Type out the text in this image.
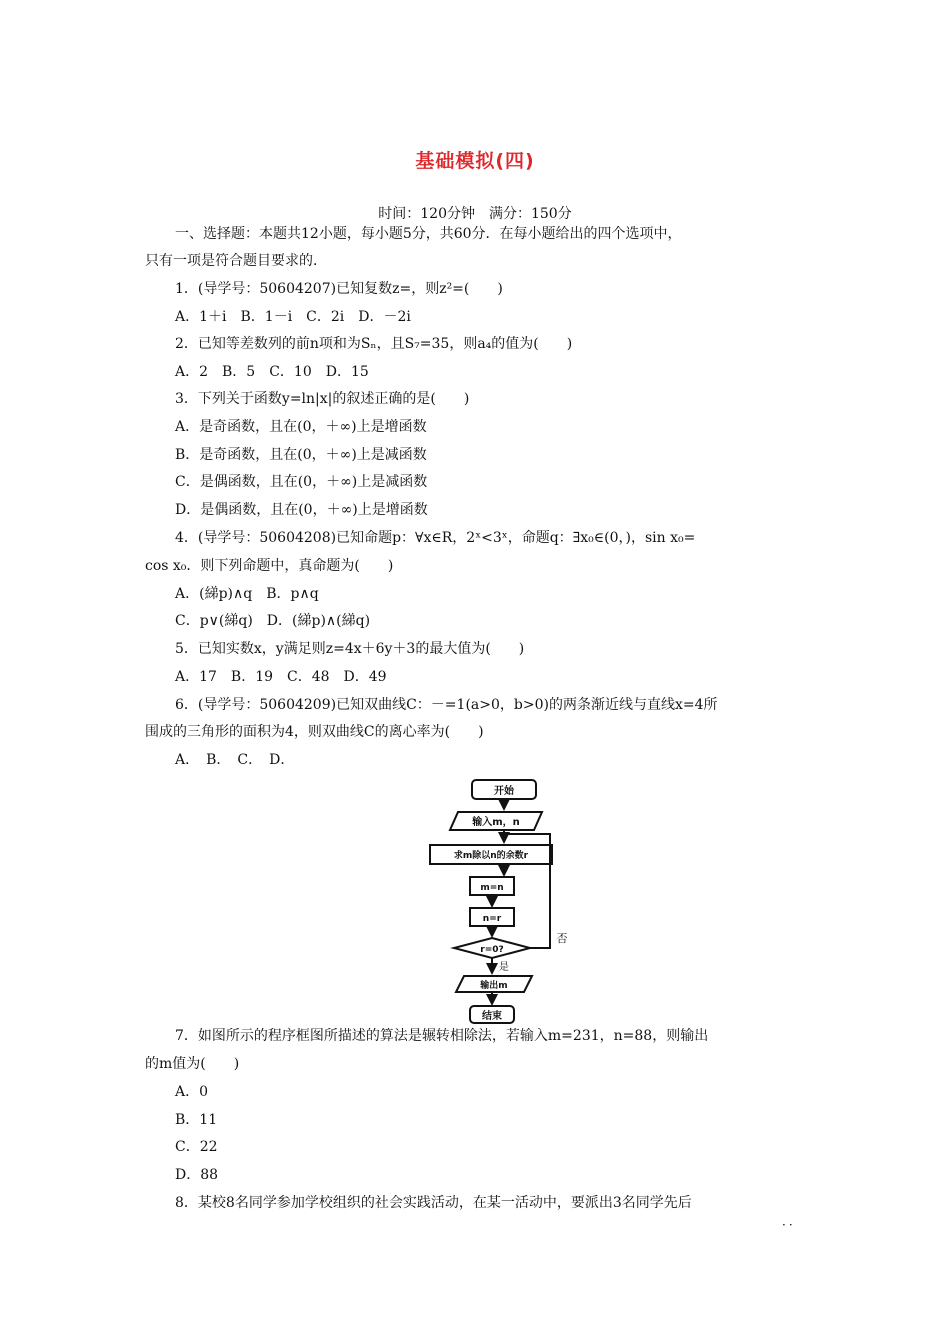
基础模拟(四)
时间：120分钟　满分：150分
一、选择题：本题共12小题，每小题5分，共60分．在每小题给出的四个选项中，
只有一项是符合题目要求的．
1．(导学号：50604207)已知复数z=，则z²=(　　)
A．1＋i　B．1－i　C．2i　D．－2i
2．已知等差数列的前n项和为Sₙ，且S₇=35，则a₄的值为(　　)
A．2　B．5　C．10　D．15
3．下列关于函数y=ln|x|的叙述正确的是(　　)
A．是奇函数，且在(0，＋∞)上是增函数
B．是奇函数，且在(0，＋∞)上是减函数
C．是偶函数，且在(0，＋∞)上是减函数
D．是偶函数，且在(0，＋∞)上是增函数
4．(导学号：50604208)已知命题p：∀x∈R，2ˣ<3ˣ，命题q：∃x₀∈(0，)，sin x₀=
cos x₀．则下列命题中，真命题为(　　)
A．(綈p)∧q　B．p∧q
C．p∨(綈q)　D．(綈p)∧(綈q)
5．已知实数x，y满足则z=4x＋6y＋3的最大值为(　　)
A．17　B．19　C．48　D．49
6．(导学号：50604209)已知双曲线C：－=1(a>0，b>0)的两条渐近线与直线x=4所
围成的三角形的面积为4，则双曲线C的离心率为(　　)
A．　B．　C．　D．
开始
输入m，n
求m除以n的余数r
m=n
n=r
r=0?
否
是
输出m
结束
7．如图所示的程序框图所描述的算法是辗转相除法，若输入m=231，n=88，则输出
的m值为(　　)
A．0
B．11
C．22
D．88
8．某校8名同学参加学校组织的社会实践活动，在某一活动中，要派出3名同学先后
··
